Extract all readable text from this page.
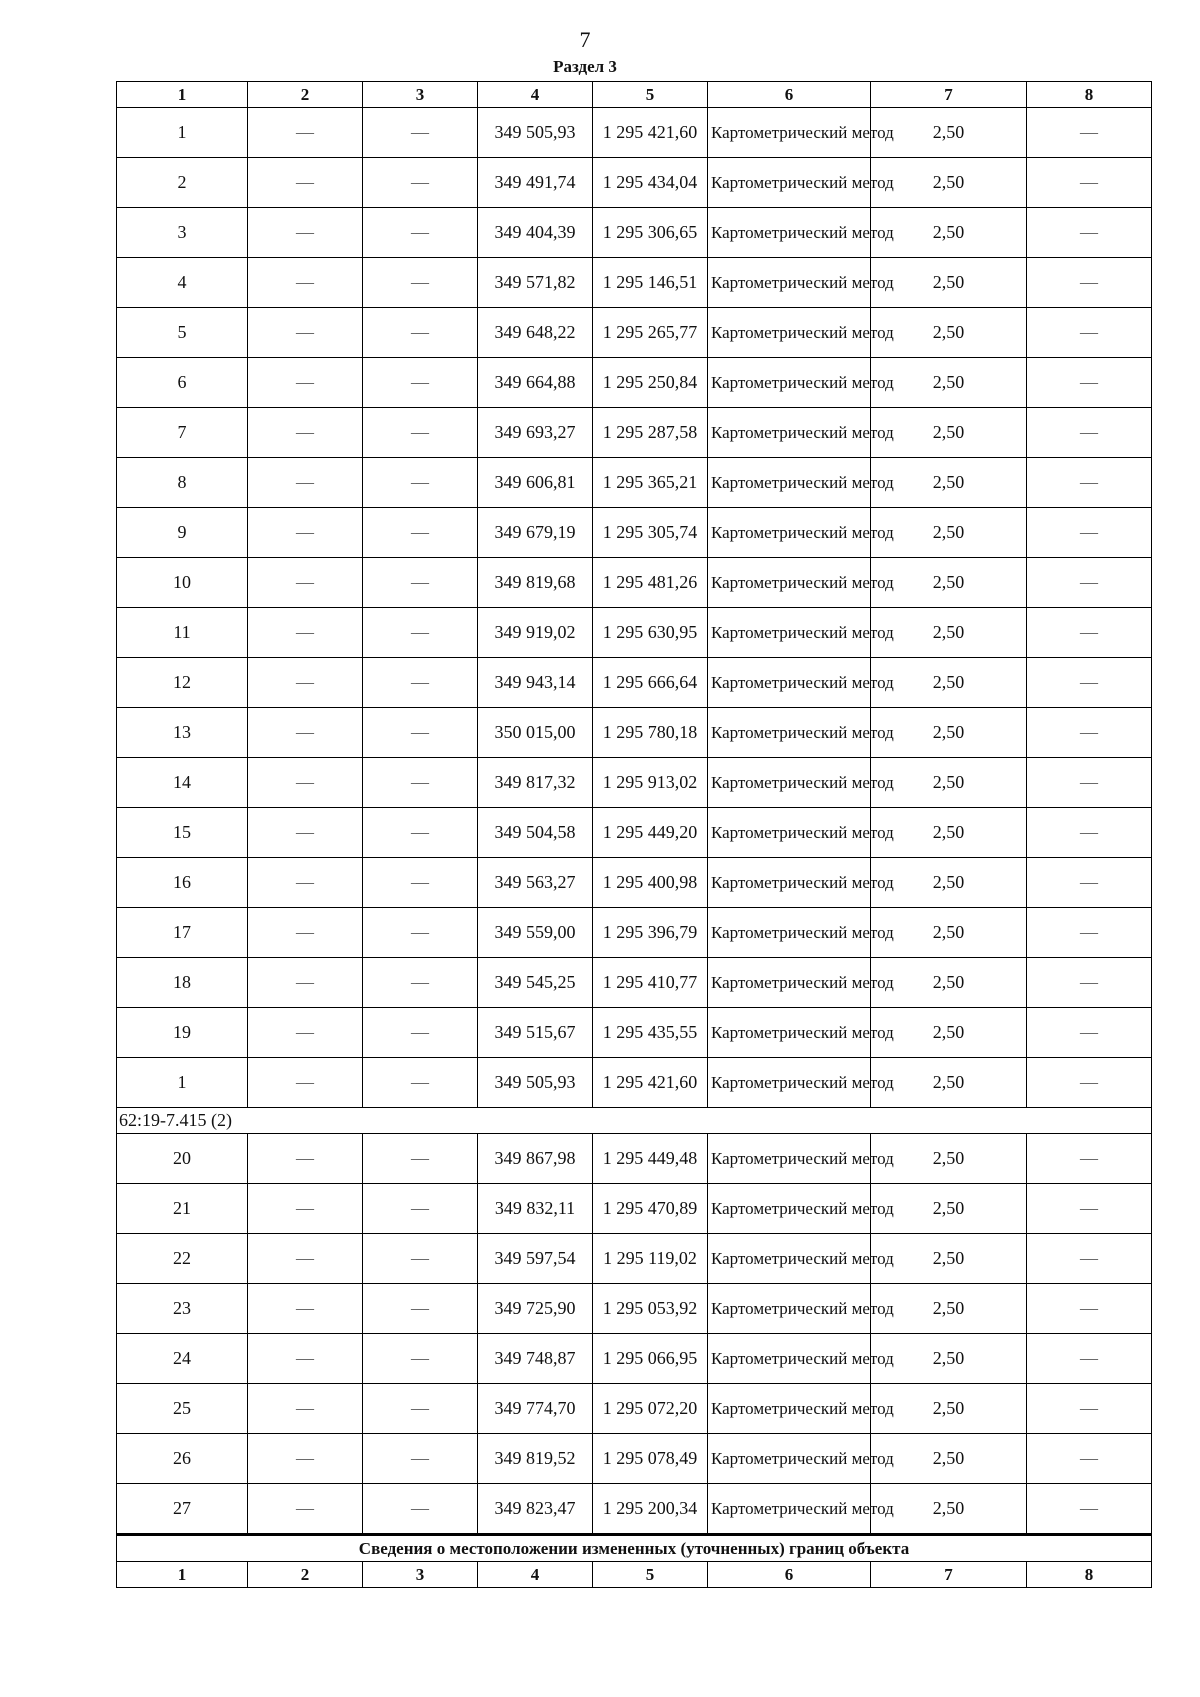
7
Раздел 3
1	2	3	4	5	6	7	8
1	—	—	349 505,93	1 295 421,60	Картометрический метод	2,50	—
2	—	—	349 491,74	1 295 434,04	Картометрический метод	2,50	—
3	—	—	349 404,39	1 295 306,65	Картометрический метод	2,50	—
4	—	—	349 571,82	1 295 146,51	Картометрический метод	2,50	—
5	—	—	349 648,22	1 295 265,77	Картометрический метод	2,50	—
6	—	—	349 664,88	1 295 250,84	Картометрический метод	2,50	—
7	—	—	349 693,27	1 295 287,58	Картометрический метод	2,50	—
8	—	—	349 606,81	1 295 365,21	Картометрический метод	2,50	—
9	—	—	349 679,19	1 295 305,74	Картометрический метод	2,50	—
10	—	—	349 819,68	1 295 481,26	Картометрический метод	2,50	—
11	—	—	349 919,02	1 295 630,95	Картометрический метод	2,50	—
12	—	—	349 943,14	1 295 666,64	Картометрический метод	2,50	—
13	—	—	350 015,00	1 295 780,18	Картометрический метод	2,50	—
14	—	—	349 817,32	1 295 913,02	Картометрический метод	2,50	—
15	—	—	349 504,58	1 295 449,20	Картометрический метод	2,50	—
16	—	—	349 563,27	1 295 400,98	Картометрический метод	2,50	—
17	—	—	349 559,00	1 295 396,79	Картометрический метод	2,50	—
18	—	—	349 545,25	1 295 410,77	Картометрический метод	2,50	—
19	—	—	349 515,67	1 295 435,55	Картометрический метод	2,50	—
1	—	—	349 505,93	1 295 421,60	Картометрический метод	2,50	—
62:19-7.415 (2)							
20	—	—	349 867,98	1 295 449,48	Картометрический метод	2,50	—
21	—	—	349 832,11	1 295 470,89	Картометрический метод	2,50	—
22	—	—	349 597,54	1 295 119,02	Картометрический метод	2,50	—
23	—	—	349 725,90	1 295 053,92	Картометрический метод	2,50	—
24	—	—	349 748,87	1 295 066,95	Картометрический метод	2,50	—
25	—	—	349 774,70	1 295 072,20	Картометрический метод	2,50	—
26	—	—	349 819,52	1 295 078,49	Картометрический метод	2,50	—
27	—	—	349 823,47	1 295 200,34	Картометрический метод	2,50	—
Сведения о местоположении измененных (уточненных) границ объекта							
1	2	3	4	5	6	7	8
